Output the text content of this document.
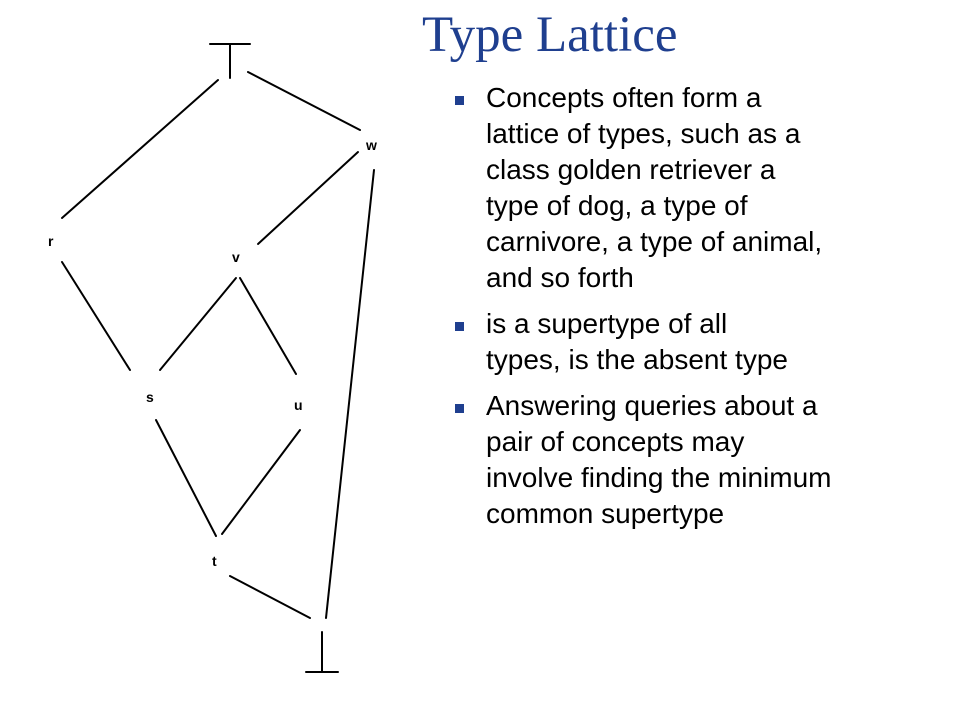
Type Lattice
r
v
w
s	u
t
Concepts often form a
lattice of types, such as a
class golden retriever a
type of dog, a type of
carnivore, a type of animal,
and so forth
is a supertype of all
types, is the absent type
Answering queries about a
pair of concepts may
involve finding the minimum
common supertype
